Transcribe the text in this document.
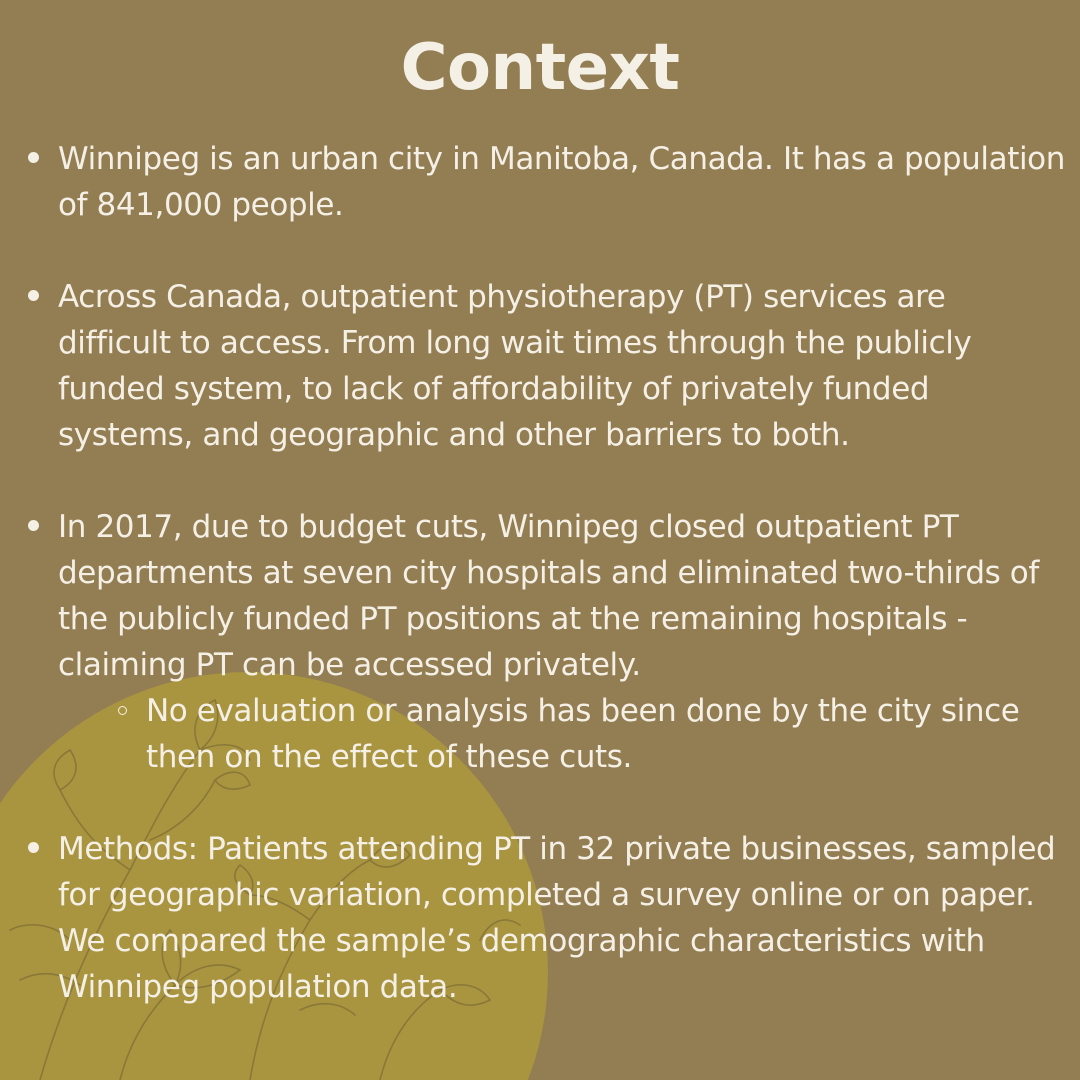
Context
Winnipeg is an urban city in Manitoba, Canada. It has a population of 841,000 people.
Across Canada, outpatient physiotherapy (PT) services are difficult to access. From long wait times through the publicly funded system, to lack of affordability of privately funded systems, and geographic and other barriers to both.
In 2017, due to budget cuts, Winnipeg closed outpatient PT departments at seven city hospitals and eliminated two-thirds of the publicly funded PT positions at the remaining hospitals - claiming PT can be accessed privately.
No evaluation or analysis has been done by the city since then on the effect of these cuts.
Methods: Patients attending PT in 32 private businesses, sampled for geographic variation, completed a survey online or on paper. We compared the sample’s demographic characteristics with Winnipeg population data.
